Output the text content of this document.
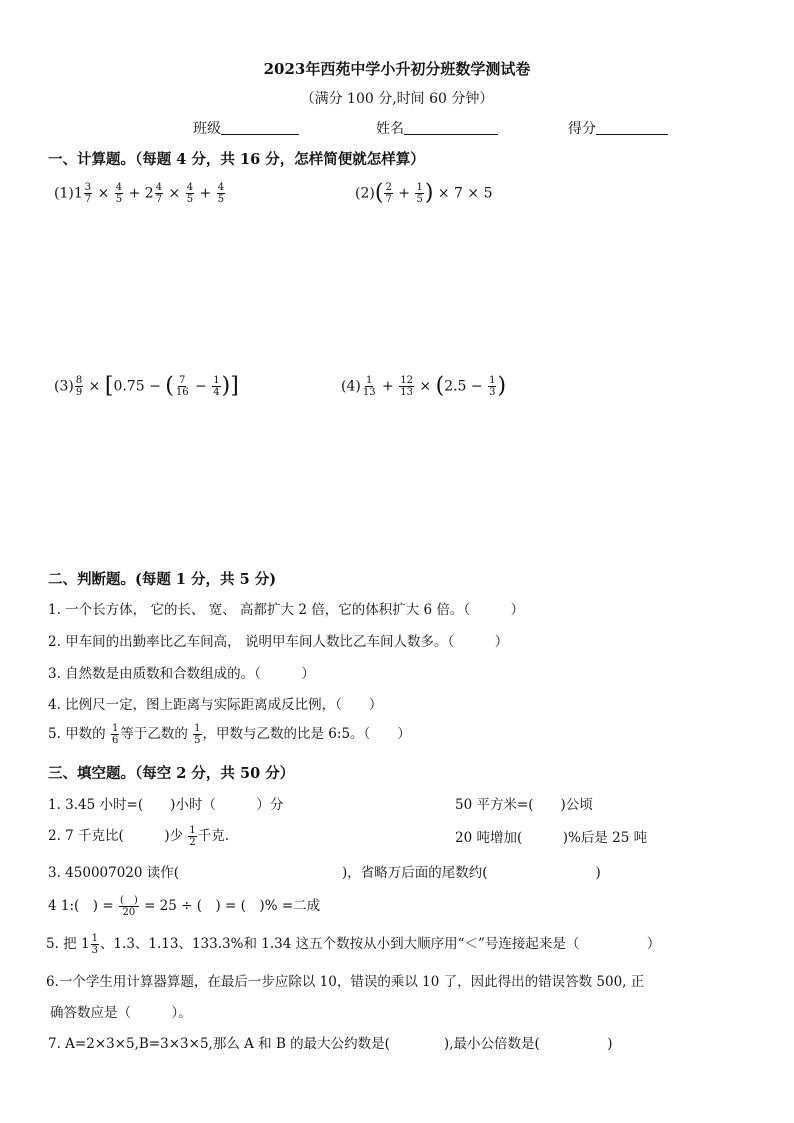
2023年西苑中学小升初分班数学测试卷
（满分 100 分,时间 60 分钟）
班级	姓名	得分
一、计算题。（每题 4 分，共 16 分，怎样简便就怎样算）
$(1)1 \frac{3}{7} \times \frac{4}{5} + 2 \frac{4}{7} \times \frac{4}{5} + \frac{4}{5}$	$(2)( \frac{2}{7} + \frac{1}{5}$ ) × 7 × 5
$(3) \frac{8}{9} \times [0.75$ − ( $\frac{7}{16} - \frac{1}{4}$ )]	$(4) \frac{1}{13} + \frac{12}{13} \times (2.5 - \frac{1}{3}$ )
二、判断题。(每题 1 分，共 5 分)
1. 一个长方体， 它的长、 宽、 高都扩大 2 倍，它的体积扩大 6 倍。（　　　）
2. 甲车间的出勤率比乙车间高， 说明甲车间人数比乙车间人数多。（　　　）
3. 自然数是由质数和合数组成的。（　　　）
4. 比例尺一定，图上距离与实际距离成反比例，（　　）
5. 甲数的 $\frac{1}{6}$ 等于乙数的 $\frac{1}{5}$ ，甲数与乙数的比是 6:5。（　　）
三、填空题。（每空 2 分，共 50 分）
1. 3.45 小时=(　　)小时（　　　）分	50 平方米=(　　)公顷
2. 7 千克比(　　　)少 $\frac{1}{2}$ 千克.	20 吨增加(　　　)%后是 25 吨
3. 450007020 读作(	)，省略万后面的尾数约(　　　　　　　　)
4 1:(　) = $\frac{( )}{20} = 25$ ÷ (　) = (　)% =二成
5. 把 $1 \frac{1}{3}$ 、1.3、1.13、133.3%和 1.34 这五个数按从小到大顺序用“＜”号连接起来是（　　　　　）
6.一个学生用计算器算题，在最后一步应除以 10，错误的乘以 10 了，因此得出的错误答数 500, 正
确答数应是（　　　）。
7. A=2×3×5,B=3×3×5,那么 A 和 B 的最大公约数是(　　　　),最小公倍数是(　　　　　)
